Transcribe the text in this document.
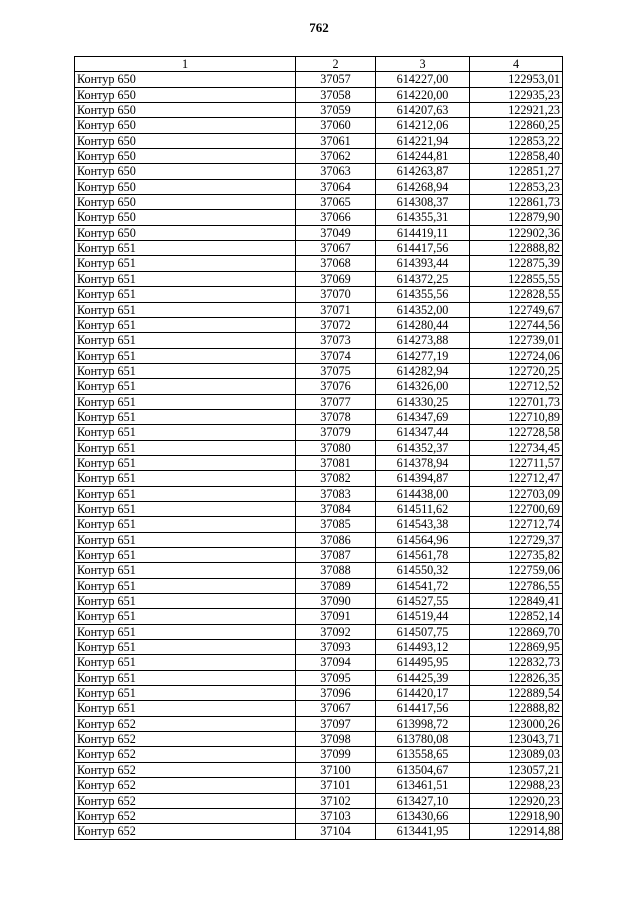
762
1	2	3	4
Контур 650	37057	614227,00	122953,01
Контур 650	37058	614220,00	122935,23
Контур 650	37059	614207,63	122921,23
Контур 650	37060	614212,06	122860,25
Контур 650	37061	614221,94	122853,22
Контур 650	37062	614244,81	122858,40
Контур 650	37063	614263,87	122851,27
Контур 650	37064	614268,94	122853,23
Контур 650	37065	614308,37	122861,73
Контур 650	37066	614355,31	122879,90
Контур 650	37049	614419,11	122902,36
Контур 651	37067	614417,56	122888,82
Контур 651	37068	614393,44	122875,39
Контур 651	37069	614372,25	122855,55
Контур 651	37070	614355,56	122828,55
Контур 651	37071	614352,00	122749,67
Контур 651	37072	614280,44	122744,56
Контур 651	37073	614273,88	122739,01
Контур 651	37074	614277,19	122724,06
Контур 651	37075	614282,94	122720,25
Контур 651	37076	614326,00	122712,52
Контур 651	37077	614330,25	122701,73
Контур 651	37078	614347,69	122710,89
Контур 651	37079	614347,44	122728,58
Контур 651	37080	614352,37	122734,45
Контур 651	37081	614378,94	122711,57
Контур 651	37082	614394,87	122712,47
Контур 651	37083	614438,00	122703,09
Контур 651	37084	614511,62	122700,69
Контур 651	37085	614543,38	122712,74
Контур 651	37086	614564,96	122729,37
Контур 651	37087	614561,78	122735,82
Контур 651	37088	614550,32	122759,06
Контур 651	37089	614541,72	122786,55
Контур 651	37090	614527,55	122849,41
Контур 651	37091	614519,44	122852,14
Контур 651	37092	614507,75	122869,70
Контур 651	37093	614493,12	122869,95
Контур 651	37094	614495,95	122832,73
Контур 651	37095	614425,39	122826,35
Контур 651	37096	614420,17	122889,54
Контур 651	37067	614417,56	122888,82
Контур 652	37097	613998,72	123000,26
Контур 652	37098	613780,08	123043,71
Контур 652	37099	613558,65	123089,03
Контур 652	37100	613504,67	123057,21
Контур 652	37101	613461,51	122988,23
Контур 652	37102	613427,10	122920,23
Контур 652	37103	613430,66	122918,90
Контур 652	37104	613441,95	122914,88
